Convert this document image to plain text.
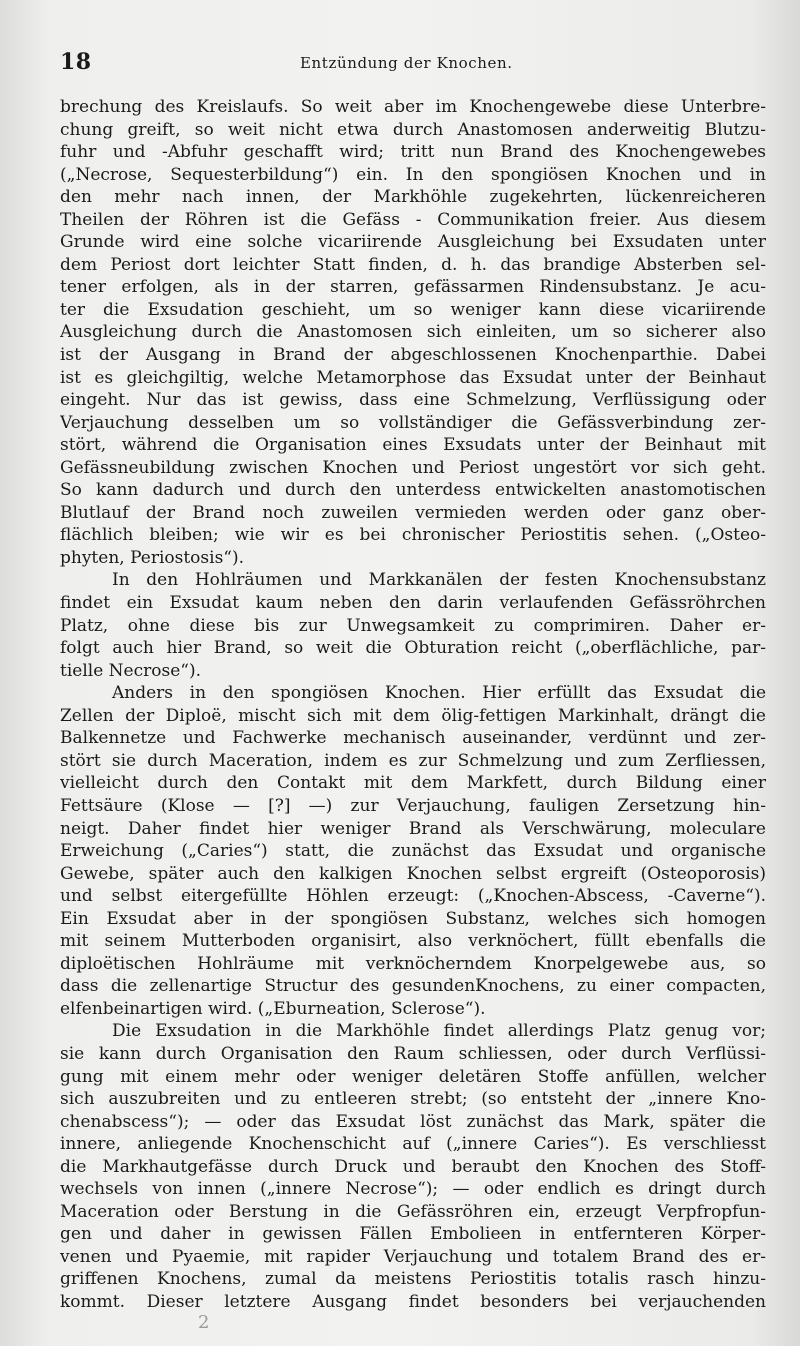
18	Entzündung der Knochen.
brechung des Kreislaufs. So weit aber im Knochengewebe diese Unterbre-
chung greift, so weit nicht etwa durch Anastomosen anderweitig Blutzu-
fuhr und -Abfuhr geschafft wird; tritt nun Brand des Knochengewebes
(„Necrose, Sequesterbildung“) ein. In den spongiösen Knochen und in
den mehr nach innen, der Markhöhle zugekehrten, lückenreicheren
Theilen der Röhren ist die Gefäss - Communikation freier. Aus diesem
Grunde wird eine solche vicariirende Ausgleichung bei Exsudaten unter
dem Periost dort leichter Statt finden, d. h. das brandige Absterben sel-
tener erfolgen, als in der starren, gefässarmen Rindensubstanz. Je acu-
ter die Exsudation geschieht, um so weniger kann diese vicariirende
Ausgleichung durch die Anastomosen sich einleiten, um so sicherer also
ist der Ausgang in Brand der abgeschlossenen Knochenparthie. Dabei
ist es gleichgiltig, welche Metamorphose das Exsudat unter der Beinhaut
eingeht. Nur das ist gewiss, dass eine Schmelzung, Verflüssigung oder
Verjauchung desselben um so vollständiger die Gefässverbindung zer-
stört, während die Organisation eines Exsudats unter der Beinhaut mit
Gefässneubildung zwischen Knochen und Periost ungestört vor sich geht.
So kann dadurch und durch den unterdess entwickelten anastomotischen
Blutlauf der Brand noch zuweilen vermieden werden oder ganz ober-
flächlich bleiben; wie wir es bei chronischer Periostitis sehen. („Osteo-
phyten, Periostosis“).
In den Hohlräumen und Markkanälen der festen Knochensubstanz
findet ein Exsudat kaum neben den darin verlaufenden Gefässröhrchen
Platz, ohne diese bis zur Unwegsamkeit zu comprimiren. Daher er-
folgt auch hier Brand, so weit die Obturation reicht („oberflächliche, par-
tielle Necrose“).
Anders in den spongiösen Knochen. Hier erfüllt das Exsudat die
Zellen der Diploë, mischt sich mit dem ölig-fettigen Markinhalt, drängt die
Balkennetze und Fachwerke mechanisch auseinander, verdünnt und zer-
stört sie durch Maceration, indem es zur Schmelzung und zum Zerfliessen,
vielleicht durch den Contakt mit dem Markfett, durch Bildung einer
Fettsäure (Klose — [?] —) zur Verjauchung, fauligen Zersetzung hin-
neigt. Daher findet hier weniger Brand als Verschwärung, moleculare
Erweichung („Caries“) statt, die zunächst das Exsudat und organische
Gewebe, später auch den kalkigen Knochen selbst ergreift (Osteoporosis)
und selbst eitergefüllte Höhlen erzeugt: („Knochen-Abscess, -Caverne“).
Ein Exsudat aber in der spongiösen Substanz, welches sich homogen
mit seinem Mutterboden organisirt, also verknöchert, füllt ebenfalls die
diploëtischen Hohlräume mit verknöcherndem Knorpelgewebe aus, so
dass die zellenartige Structur des gesundenKnochens, zu einer compacten,
elfenbeinartigen wird. („Eburneation, Sclerose“).
Die Exsudation in die Markhöhle findet allerdings Platz genug vor;
sie kann durch Organisation den Raum schliessen, oder durch Verflüssi-
gung mit einem mehr oder weniger deletären Stoffe anfüllen, welcher
sich auszubreiten und zu entleeren strebt; (so entsteht der „innere Kno-
chenabscess“); — oder das Exsudat löst zunächst das Mark, später die
innere, anliegende Knochenschicht auf („innere Caries“). Es verschliesst
die Markhautgefässe durch Druck und beraubt den Knochen des Stoff-
wechsels von innen („innere Necrose“); — oder endlich es dringt durch
Maceration oder Berstung in die Gefässröhren ein, erzeugt Verpfropfun-
gen und daher in gewissen Fällen Embolieen in entfernteren Körper-
venen und Pyaemie, mit rapider Verjauchung und totalem Brand des er-
griffenen Knochens, zumal da meistens Periostitis totalis rasch hinzu-
kommt. Dieser letztere Ausgang findet besonders bei verjauchenden
2
